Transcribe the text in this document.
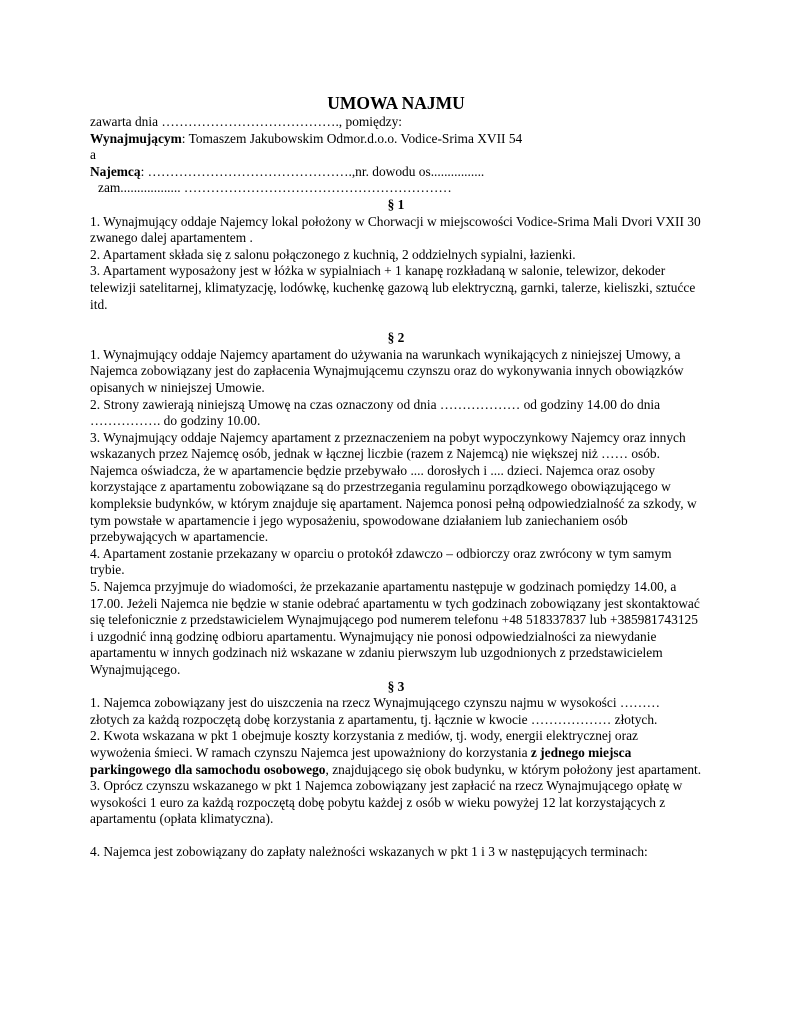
UMOWA NAJMU

zawarta dnia …………………………………., pomiędzy:

Wynajmującym: Tomaszem Jakubowskim Odmor.d.o.o. Vodice-Srima XVII 54

a

Najemcą: ……………………………………….,nr. dowodu os................

zam.................. ……………………………………………………

§ 1

1. Wynajmujący oddaje Najemcy lokal położony w Chorwacji w miejscowości Vodice-Srima Mali Dvori VXII 30 zwanego dalej apartamentem .

2. Apartament składa się z salonu połączonego z kuchnią, 2 oddzielnych sypialni, łazienki.

3. Apartament wyposażony jest w łóżka w sypialniach + 1 kanapę rozkładaną w salonie, telewizor, dekoder telewizji satelitarnej, klimatyzację, lodówkę, kuchenkę gazową lub elektryczną, garnki, talerze, kieliszki, sztućce itd.

§ 2

1. Wynajmujący oddaje Najemcy apartament do używania na warunkach wynikających z niniejszej Umowy, a Najemca zobowiązany jest do zapłacenia Wynajmującemu czynszu oraz do wykonywania innych obowiązków opisanych w niniejszej Umowie.

2. Strony zawierają niniejszą Umowę na czas oznaczony od dnia ……………… od godziny 14.00 do dnia ……………. do godziny 10.00.

3. Wynajmujący oddaje Najemcy apartament z przeznaczeniem na pobyt wypoczynkowy Najemcy oraz innych wskazanych przez Najemcę osób, jednak w łącznej liczbie (razem z Najemcą) nie większej niż …… osób. Najemca oświadcza, że w apartamencie będzie przebywało .... dorosłych i .... dzieci. Najemca oraz osoby korzystające z apartamentu zobowiązane są do przestrzegania regulaminu porządkowego obowiązującego w kompleksie budynków, w którym znajduje się apartament. Najemca ponosi pełną odpowiedzialność za szkody, w tym powstałe w apartamencie i jego wyposażeniu, spowodowane działaniem lub zaniechaniem osób przebywających w apartamencie.

4. Apartament zostanie przekazany w oparciu o protokół zdawczo – odbiorczy oraz zwrócony w tym samym trybie.

5. Najemca przyjmuje do wiadomości, że przekazanie apartamentu następuje w godzinach pomiędzy 14.00, a 17.00. Jeżeli Najemca nie będzie w stanie odebrać apartamentu w tych godzinach zobowiązany jest skontaktować się telefonicznie z przedstawicielem Wynajmującego pod numerem telefonu +48 518337837 lub +385981743125 i uzgodnić inną godzinę odbioru apartamentu. Wynajmujący nie ponosi odpowiedzialności za niewydanie apartamentu w innych godzinach niż wskazane w zdaniu pierwszym lub uzgodnionych z przedstawicielem Wynajmującego.

§ 3

1. Najemca zobowiązany jest do uiszczenia na rzecz Wynajmującego czynszu najmu w wysokości ……… złotych za każdą rozpoczętą dobę korzystania z apartamentu, tj. łącznie w kwocie ……………… złotych.

2. Kwota wskazana w pkt 1 obejmuje koszty korzystania z mediów, tj. wody, energii elektrycznej oraz wywożenia śmieci. W ramach czynszu Najemca jest upoważniony do korzystania z jednego miejsca parkingowego dla samochodu osobowego, znajdującego się obok budynku, w którym położony jest apartament.

3. Oprócz czynszu wskazanego w pkt 1 Najemca zobowiązany jest zapłacić na rzecz Wynajmującego opłatę w wysokości 1 euro za każdą rozpoczętą dobę pobytu każdej z osób w wieku powyżej 12 lat korzystających z apartamentu (opłata klimatyczna).

4. Najemca jest zobowiązany do zapłaty należności wskazanych w pkt 1 i 3 w następujących terminach:
